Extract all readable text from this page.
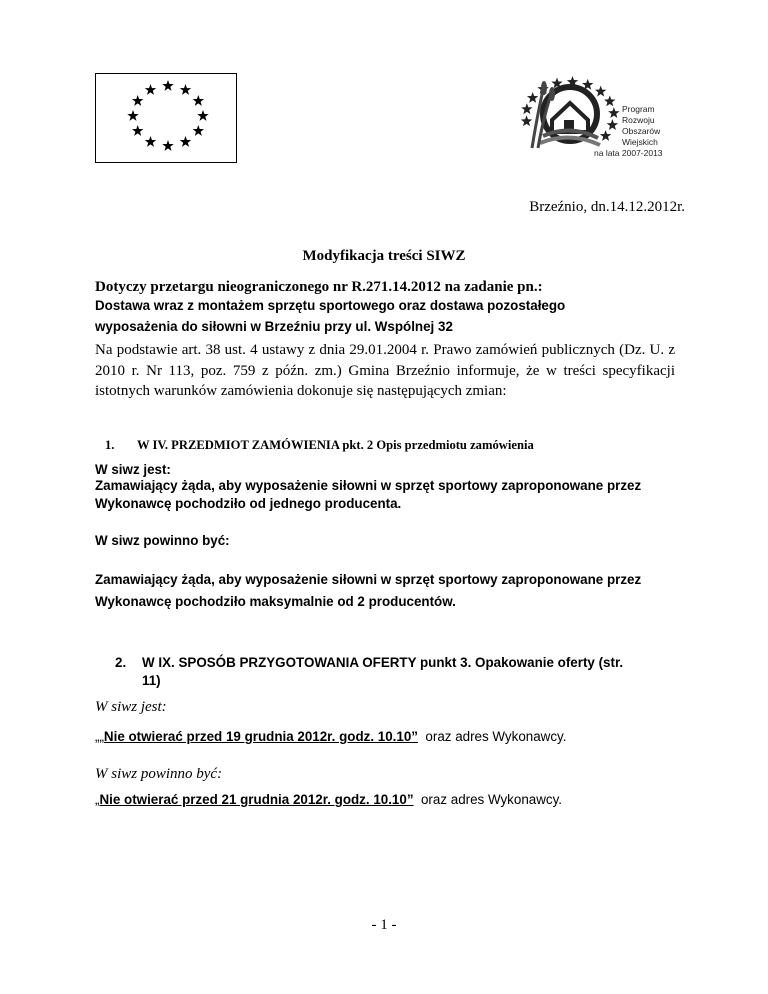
Program
Rozwoju
Obszarów
Wiejskich
na lata 2007-2013
Brzeźnio, dn.14.12.2012r.
Modyfikacja treści SIWZ
Dotyczy przetargu nieograniczonego nr R.271.14.2012 na zadanie pn.:
Dostawa wraz z montażem sprzętu sportowego oraz dostawa pozostałego
wyposażenia do siłowni w Brzeźniu przy ul. Wspólnej 32
Na podstawie art. 38 ust. 4 ustawy z dnia 29.01.2004 r. Prawo zamówień publicznych (Dz. U. z 2010 r. Nr 113, poz. 759 z późn. zm.) Gmina Brzeźnio informuje, że w treści specyfikacji istotnych warunków zamówienia dokonuje się następujących zmian:
1. W IV. PRZEDMIOT ZAMÓWIENIA pkt. 2 Opis przedmiotu zamówienia
W siwz jest:
Zamawiający żąda, aby wyposażenie siłowni w sprzęt sportowy zaproponowane przez
Wykonawcę pochodziło od jednego producenta.
W siwz powinno być:
Zamawiający żąda, aby wyposażenie siłowni w sprzęt sportowy zaproponowane przez
Wykonawcę pochodziło maksymalnie od 2 producentów.
2. W IX. SPOSÓB PRZYGOTOWANIA OFERTY punkt 3. Opakowanie oferty (str.
11)
W siwz jest:
„„Nie otwierać przed 19 grudnia 2012r. godz. 10.10”  oraz adres Wykonawcy.
W siwz powinno być:
„Nie otwierać przed 21 grudnia 2012r. godz. 10.10”  oraz adres Wykonawcy.
- 1 -
